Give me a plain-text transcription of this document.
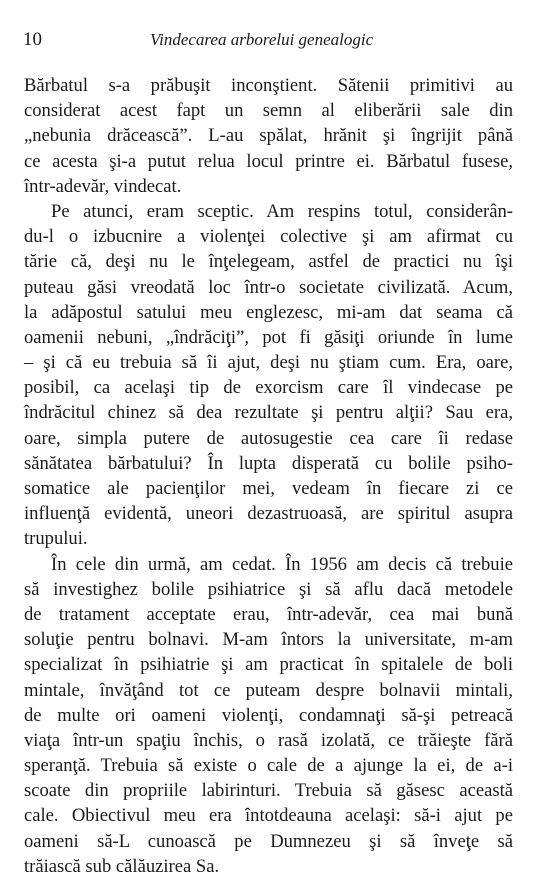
10	Vindecarea arborelui genealogic
Bărbatul s-a prăbuşit inconştient. Sătenii primitivi au
considerat acest fapt un semn al eliberării sale din
„nebunia drăcească”. L-au spălat, hrănit şi îngrijit până
ce acesta şi-a putut relua locul printre ei. Bărbatul fusese,
într-adevăr, vindecat.
Pe atunci, eram sceptic. Am respins totul, considerân-
du-l o izbucnire a violenţei colective şi am afirmat cu
tărie că, deşi nu le înţelegeam, astfel de practici nu îşi
puteau găsi vreodată loc într-o societate civilizată. Acum,
la adăpostul satului meu englezesc, mi-am dat seama că
oamenii nebuni, „îndrăciţi”, pot fi găsiţi oriunde în lume
– şi că eu trebuia să îi ajut, deşi nu ştiam cum. Era, oare,
posibil, ca acelaşi tip de exorcism care îl vindecase pe
îndrăcitul chinez să dea rezultate şi pentru alţii? Sau era,
oare, simpla putere de autosugestie cea care îi redase
sănătatea bărbatului? În lupta disperată cu bolile psiho-
somatice ale pacienţilor mei, vedeam în fiecare zi ce
influenţă evidentă, uneori dezastruoasă, are spiritul asupra
trupului.
În cele din urmă, am cedat. În 1956 am decis că trebuie
să investighez bolile psihiatrice şi să aflu dacă metodele
de tratament acceptate erau, într-adevăr, cea mai bună
soluţie pentru bolnavi. M-am întors la universitate, m-am
specializat în psihiatrie şi am practicat în spitalele de boli
mintale, învăţând tot ce puteam despre bolnavii mintali,
de multe ori oameni violenţi, condamnaţi să-şi petreacă
viaţa într-un spaţiu închis, o rasă izolată, ce trăieşte fără
speranţă. Trebuia să existe o cale de a ajunge la ei, de a-i
scoate din propriile labirinturi. Trebuia să găsesc această
cale. Obiectivul meu era întotdeauna acelaşi: să-i ajut pe
oameni să-L cunoască pe Dumnezeu şi să înveţe să
trăiască sub călăuzirea Sa.
